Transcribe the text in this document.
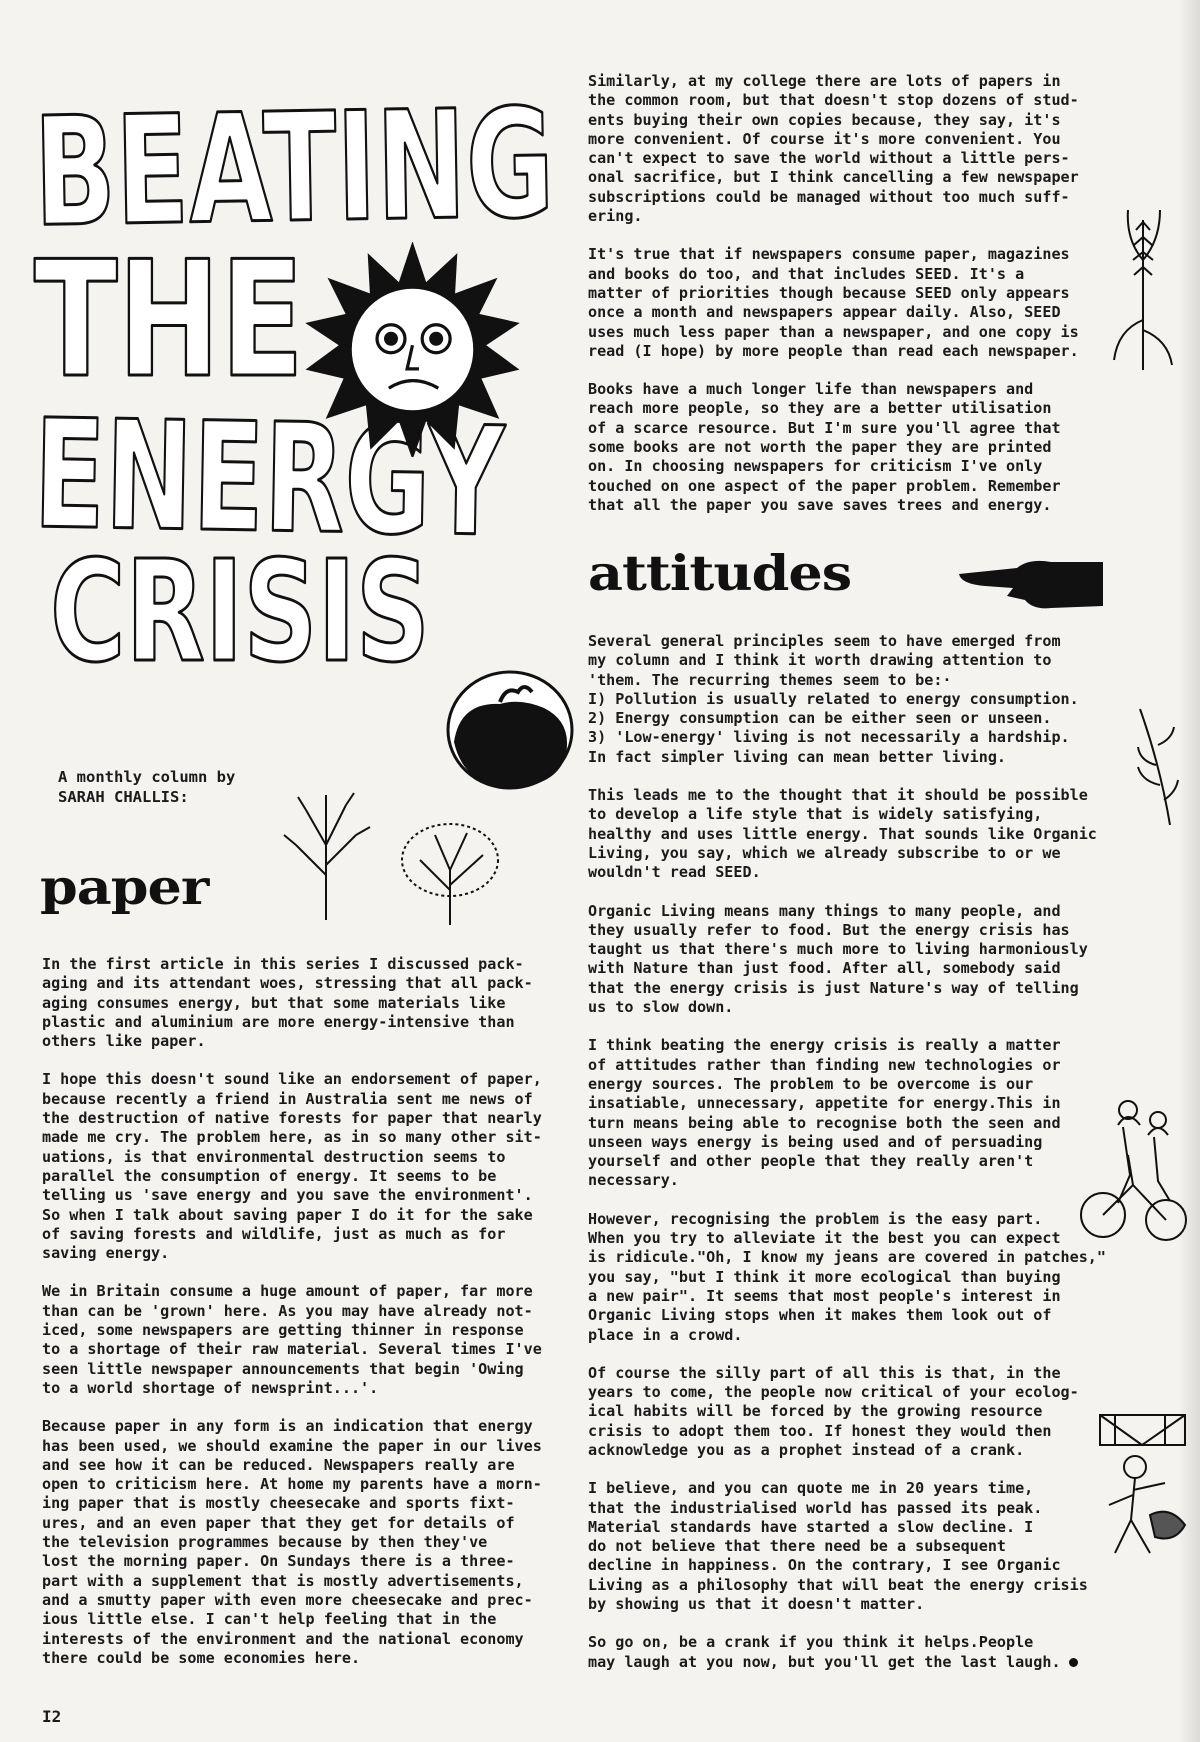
BEATING
THE
ENERGY
CRISIS
A monthly column by
SARAH CHALLIS:
paper

In the first article in this series I discussed pack-
aging and its attendant woes, stressing that all pack-
aging consumes energy, but that some materials like
plastic and aluminium are more energy-intensive than
others like paper.

I hope this doesn't sound like an endorsement of paper,
because recently a friend in Australia sent me news of
the destruction of native forests for paper that nearly
made me cry. The problem here, as in so many other sit-
uations, is that environmental destruction seems to
parallel the consumption of energy. It seems to be
telling us 'save energy and you save the environment'.
So when I talk about saving paper I do it for the sake
of saving forests and wildlife, just as much as for
saving energy.

We in Britain consume a huge amount of paper, far more
than can be 'grown' here. As you may have already not-
iced, some newspapers are getting thinner in response
to a shortage of their raw material. Several times I've
seen little newspaper announcements that begin 'Owing
to a world shortage of newsprint...'.

Because paper in any form is an indication that energy
has been used, we should examine the paper in our lives
and see how it can be reduced. Newspapers really are
open to criticism here. At home my parents have a morn-
ing paper that is mostly cheesecake and sports fixt-
ures, and an even paper that they get for details of
the television programmes because by then they've
lost the morning paper. On Sundays there is a three-
part with a supplement that is mostly advertisements,
and a smutty paper with even more cheesecake and prec-
ious little else. I can't help feeling that in the
interests of the environment and the national economy
there could be some economies here.

Similarly, at my college there are lots of papers in
the common room, but that doesn't stop dozens of stud-
ents buying their own copies because, they say, it's
more convenient. Of course it's more convenient. You
can't expect to save the world without a little pers-
onal sacrifice, but I think cancelling a few newspaper
subscriptions could be managed without too much suff-
ering.

It's true that if newspapers consume paper, magazines
and books do too, and that includes SEED. It's a
matter of priorities though because SEED only appears
once a month and newspapers appear daily. Also, SEED
uses much less paper than a newspaper, and one copy is
read (I hope) by more people than read each newspaper.

Books have a much longer life than newspapers and
reach more people, so they are a better utilisation
of a scarce resource. But I'm sure you'll agree that
some books are not worth the paper they are printed
on. In choosing newspapers for criticism I've only
touched on one aspect of the paper problem. Remember
that all the paper you save saves trees and energy.

attitudes

Several general principles seem to have emerged from
my column and I think it worth drawing attention to
'them. The recurring themes seem to be:·
I) Pollution is usually related to energy consumption.
2) Energy consumption can be either seen or unseen.
3) 'Low-energy' living is not necessarily a hardship.
In fact simpler living can mean better living.

This leads me to the thought that it should be possible
to develop a life style that is widely satisfying,
healthy and uses little energy. That sounds like Organic
Living, you say, which we already subscribe to or we
wouldn't read SEED.

Organic Living means many things to many people, and
they usually refer to food. But the energy crisis has
taught us that there's much more to living harmoniously
with Nature than just food. After all, somebody said
that the energy crisis is just Nature's way of telling
us to slow down.

I think beating the energy crisis is really a matter
of attitudes rather than finding new technologies or
energy sources. The problem to be overcome is our
insatiable, unnecessary, appetite for energy.This in
turn means being able to recognise both the seen and
unseen ways energy is being used and of persuading
yourself and other people that they really aren't
necessary.

However, recognising the problem is the easy part.
When you try to alleviate it the best you can expect
is ridicule."Oh, I know my jeans are covered in patches,"
you say, "but I think it more ecological than buying
a new pair". It seems that most people's interest in
Organic Living stops when it makes them look out of
place in a crowd.

Of course the silly part of all this is that, in the
years to come, the people now critical of your ecolog-
ical habits will be forced by the growing resource
crisis to adopt them too. If honest they would then
acknowledge you as a prophet instead of a crank.

I believe, and you can quote me in 20 years time,
that the industrialised world has passed its peak.
Material standards have started a slow decline. I
do not believe that there need be a subsequent
decline in happiness. On the contrary, I see Organic
Living as a philosophy that will beat the energy crisis
by showing us that it doesn't matter.

So go on, be a crank if you think it helps.People
may laugh at you now, but you'll get the last laugh.

I2
